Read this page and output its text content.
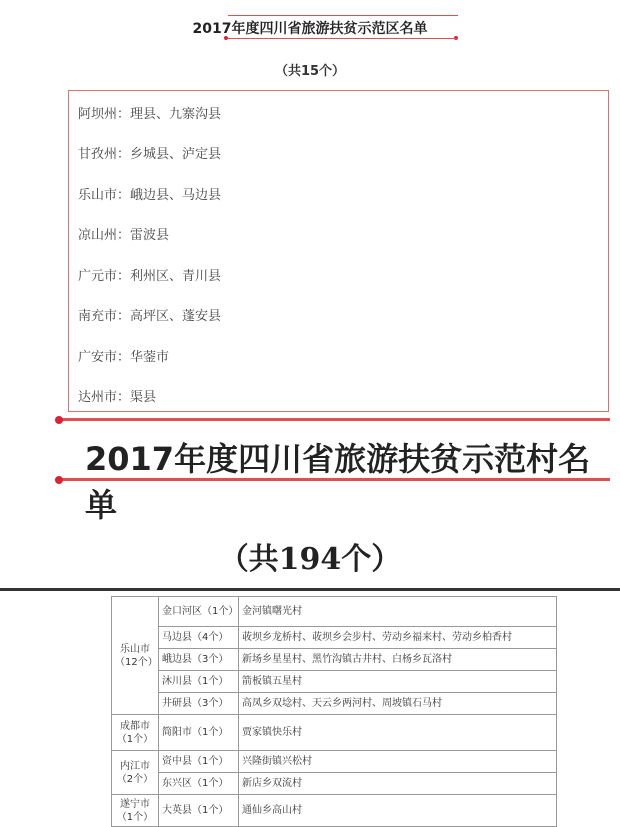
2017年度四川省旅游扶贫示范区名单
（共15个）
阿坝州：理县、九寨沟县
甘孜州：乡城县、泸定县
乐山市：峨边县、马边县
凉山州：雷波县
广元市：利州区、青川县
南充市：高坪区、蓬安县
广安市：华蓥市
达州市：渠县
2017年度四川省旅游扶贫示范村名单
（共194个）
乐山市（12个）	金口河区（1个）	金河镇曙光村
	马边县（4个）	荍坝乡龙桥村、荍坝乡会步村、劳动乡福来村、劳动乡柏香村
	峨边县（3个）	新场乡星星村、黑竹沟镇古井村、白杨乡瓦洛村
	沐川县（1个）	箭板镇五星村
	井研县（3个）	高凤乡双埝村、天云乡两河村、周坡镇石马村
成都市（1个）	简阳市（1个）	贾家镇快乐村
内江市（2个）	资中县（1个）	兴隆街镇兴松村
	东兴区（1个）	新店乡双流村
遂宁市（1个）	大英县（1个）	通仙乡高山村
